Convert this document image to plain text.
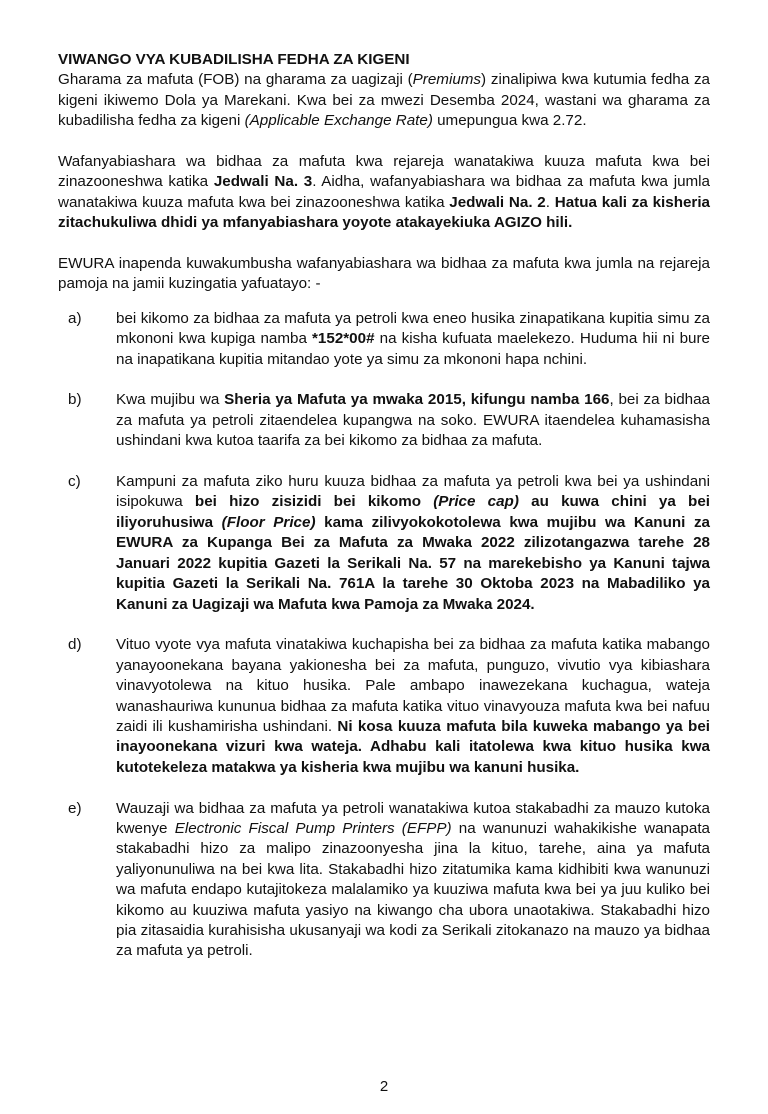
VIWANGO VYA KUBADILISHA FEDHA ZA KIGENI

Gharama za mafuta (FOB) na gharama za uagizaji (Premiums) zinalipiwa kwa kutumia fedha za kigeni ikiwemo Dola ya Marekani. Kwa bei za mwezi Desemba 2024, wastani wa gharama za kubadilisha fedha za kigeni (Applicable Exchange Rate) umepungua kwa 2.72.

Wafanyabiashara wa bidhaa za mafuta kwa rejareja wanatakiwa kuuza mafuta kwa bei zinazooneshwa katika Jedwali Na. 3. Aidha, wafanyabiashara wa bidhaa za mafuta kwa jumla wanatakiwa kuuza mafuta kwa bei zinazooneshwa katika Jedwali Na. 2. Hatua kali za kisheria zitachukuliwa dhidi ya mfanyabiashara yoyote atakayekiuka AGIZO hili.

EWURA inapenda kuwakumbusha wafanyabiashara wa bidhaa za mafuta kwa jumla na rejareja pamoja na jamii kuzingatia yafuatayo: -

a)	bei kikomo za bidhaa za mafuta ya petroli kwa eneo husika zinapatikana kupitia simu za mkononi kwa kupiga namba *152*00# na kisha kufuata maelekezo. Huduma hii ni bure na inapatikana kupitia mitandao yote ya simu za mkononi hapa nchini.

b)	Kwa mujibu wa Sheria ya Mafuta ya mwaka 2015, kifungu namba 166, bei za bidhaa za mafuta ya petroli zitaendelea kupangwa na soko. EWURA itaendelea kuhamasisha ushindani kwa kutoa taarifa za bei kikomo za bidhaa za mafuta.

c)	Kampuni za mafuta ziko huru kuuza bidhaa za mafuta ya petroli kwa bei ya ushindani isipokuwa bei hizo zisizidi bei kikomo (Price cap) au kuwa chini ya bei iliyoruhusiwa (Floor Price) kama zilivyokokotolewa kwa mujibu wa Kanuni za EWURA za Kupanga Bei za Mafuta za Mwaka 2022 zilizotangazwa tarehe 28 Januari 2022 kupitia Gazeti la Serikali Na. 57 na marekebisho ya Kanuni tajwa kupitia Gazeti la Serikali Na. 761A la tarehe 30 Oktoba 2023 na Mabadiliko ya Kanuni za Uagizaji wa Mafuta kwa Pamoja za Mwaka 2024.

d)	Vituo vyote vya mafuta vinatakiwa kuchapisha bei za bidhaa za mafuta katika mabango yanayoonekana bayana yakionesha bei za mafuta, punguzo, vivutio vya kibiashara vinavyotolewa na kituo husika. Pale ambapo inawezekana kuchagua, wateja wanashauriwa kununua bidhaa za mafuta katika vituo vinavyouza mafuta kwa bei nafuu zaidi ili kushamirisha ushindani. Ni kosa kuuza mafuta bila kuweka mabango ya bei inayoonekana vizuri kwa wateja. Adhabu kali itatolewa kwa kituo husika kwa kutotekeleza matakwa ya kisheria kwa mujibu wa kanuni husika.

e)	Wauzaji wa bidhaa za mafuta ya petroli wanatakiwa kutoa stakabadhi za mauzo kutoka kwenye Electronic Fiscal Pump Printers (EFPP) na wanunuzi wahakikishe wanapata stakabadhi hizo za malipo zinazoonyesha jina la kituo, tarehe, aina ya mafuta yaliyonunuliwa na bei kwa lita. Stakabadhi hizo zitatumika kama kidhibiti kwa wanunuzi wa mafuta endapo kutajitokeza malalamiko ya kuuziwa mafuta kwa bei ya juu kuliko bei kikomo au kuuziwa mafuta yasiyo na kiwango cha ubora unaotakiwa. Stakabadhi hizo pia zitasaidia kurahisisha ukusanyaji wa kodi za Serikali zitokanazo na mauzo ya bidhaa za mafuta ya petroli.

2
